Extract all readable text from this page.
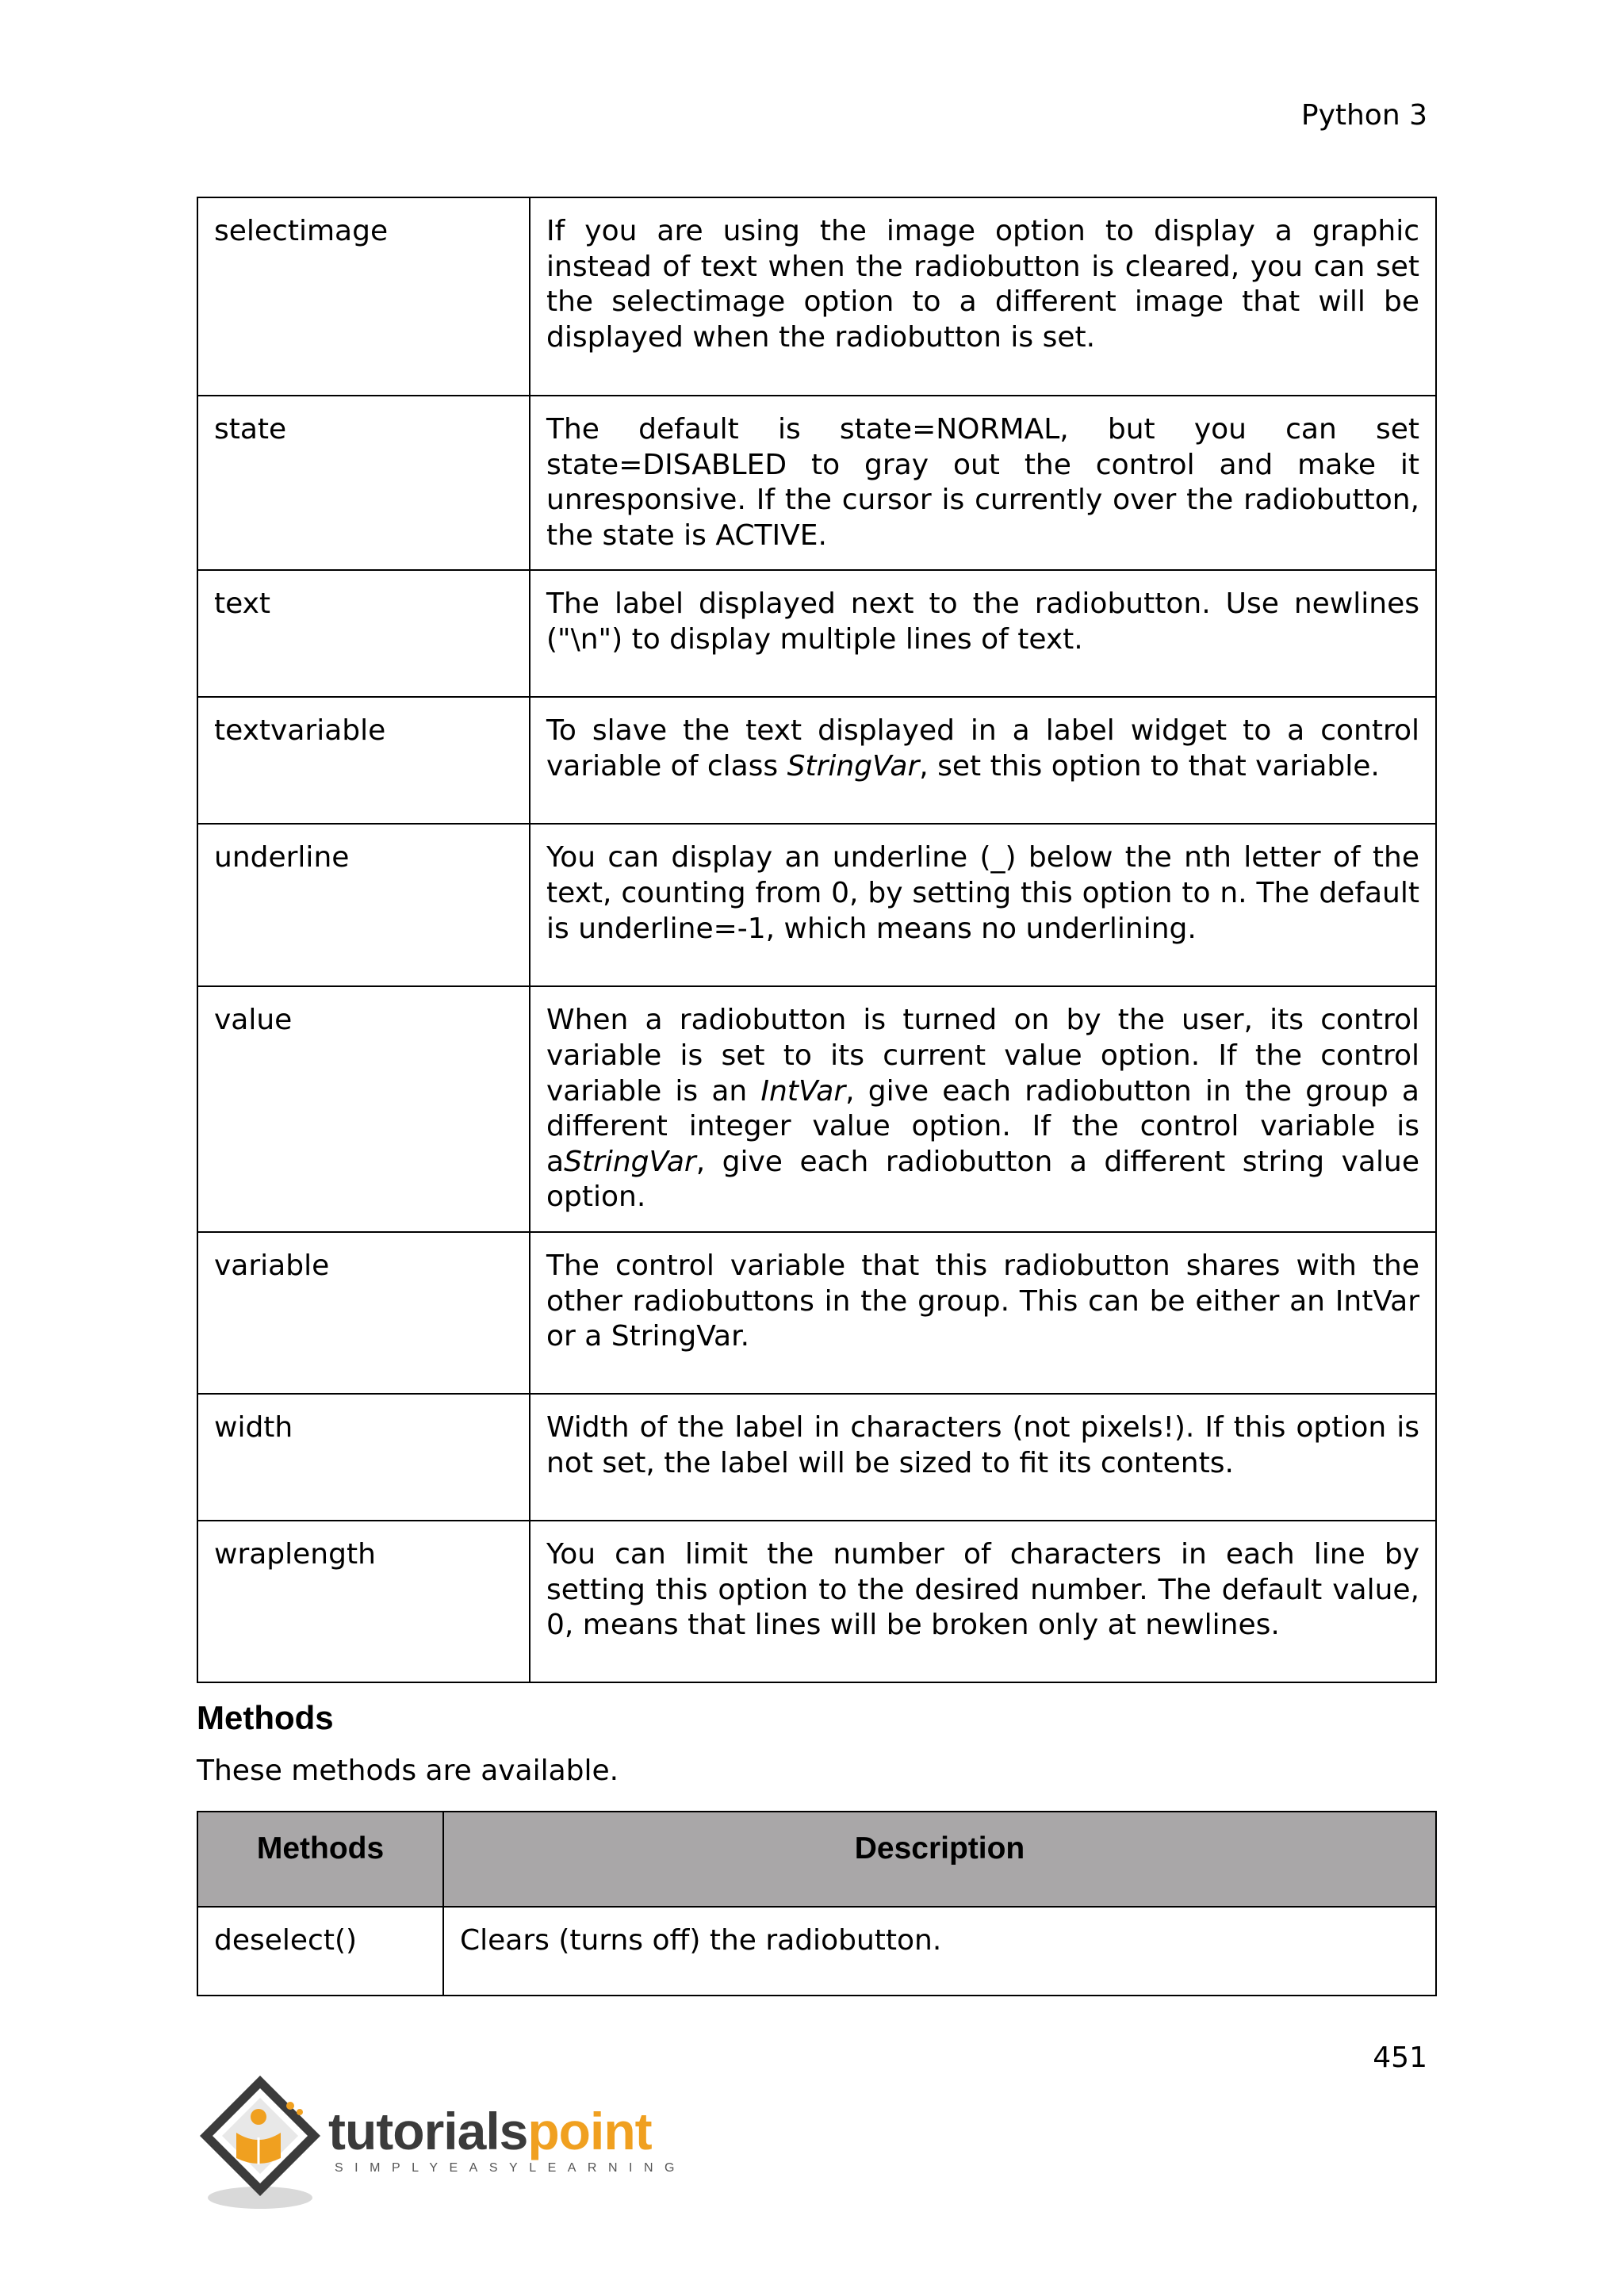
Python 3

selectimage	If you are using the image option to display a graphic instead of text when the radiobutton is cleared, you can set the selectimage option to a different image that will be displayed when the radiobutton is set.
state	The default is state=NORMAL, but you can set state=DISABLED to gray out the control and make it unresponsive. If the cursor is currently over the radiobutton, the state is ACTIVE.
text	The label displayed next to the radiobutton. Use newlines ("\n") to display multiple lines of text.
textvariable	To slave the text displayed in a label widget to a control variable of class StringVar, set this option to that variable.
underline	You can display an underline (_) below the nth letter of the text, counting from 0, by setting this option to n. The default is underline=-1, which means no underlining.
value	When a radiobutton is turned on by the user, its control variable is set to its current value option. If the control variable is an IntVar, give each radiobutton in the group a different integer value option. If the control variable is aStringVar, give each radiobutton a different string value option.
variable	The control variable that this radiobutton shares with the other radiobuttons in the group. This can be either an IntVar or a StringVar.
width	Width of the label in characters (not pixels!). If this option is not set, the label will be sized to fit its contents.
wraplength	You can limit the number of characters in each line by setting this option to the desired number. The default value, 0, means that lines will be broken only at newlines.
Methods

These methods are available.

Methods	Description
deselect()	Clears (turns off) the radiobutton.

451

tutorialspoint
SIMPLYEASYLEARNING
